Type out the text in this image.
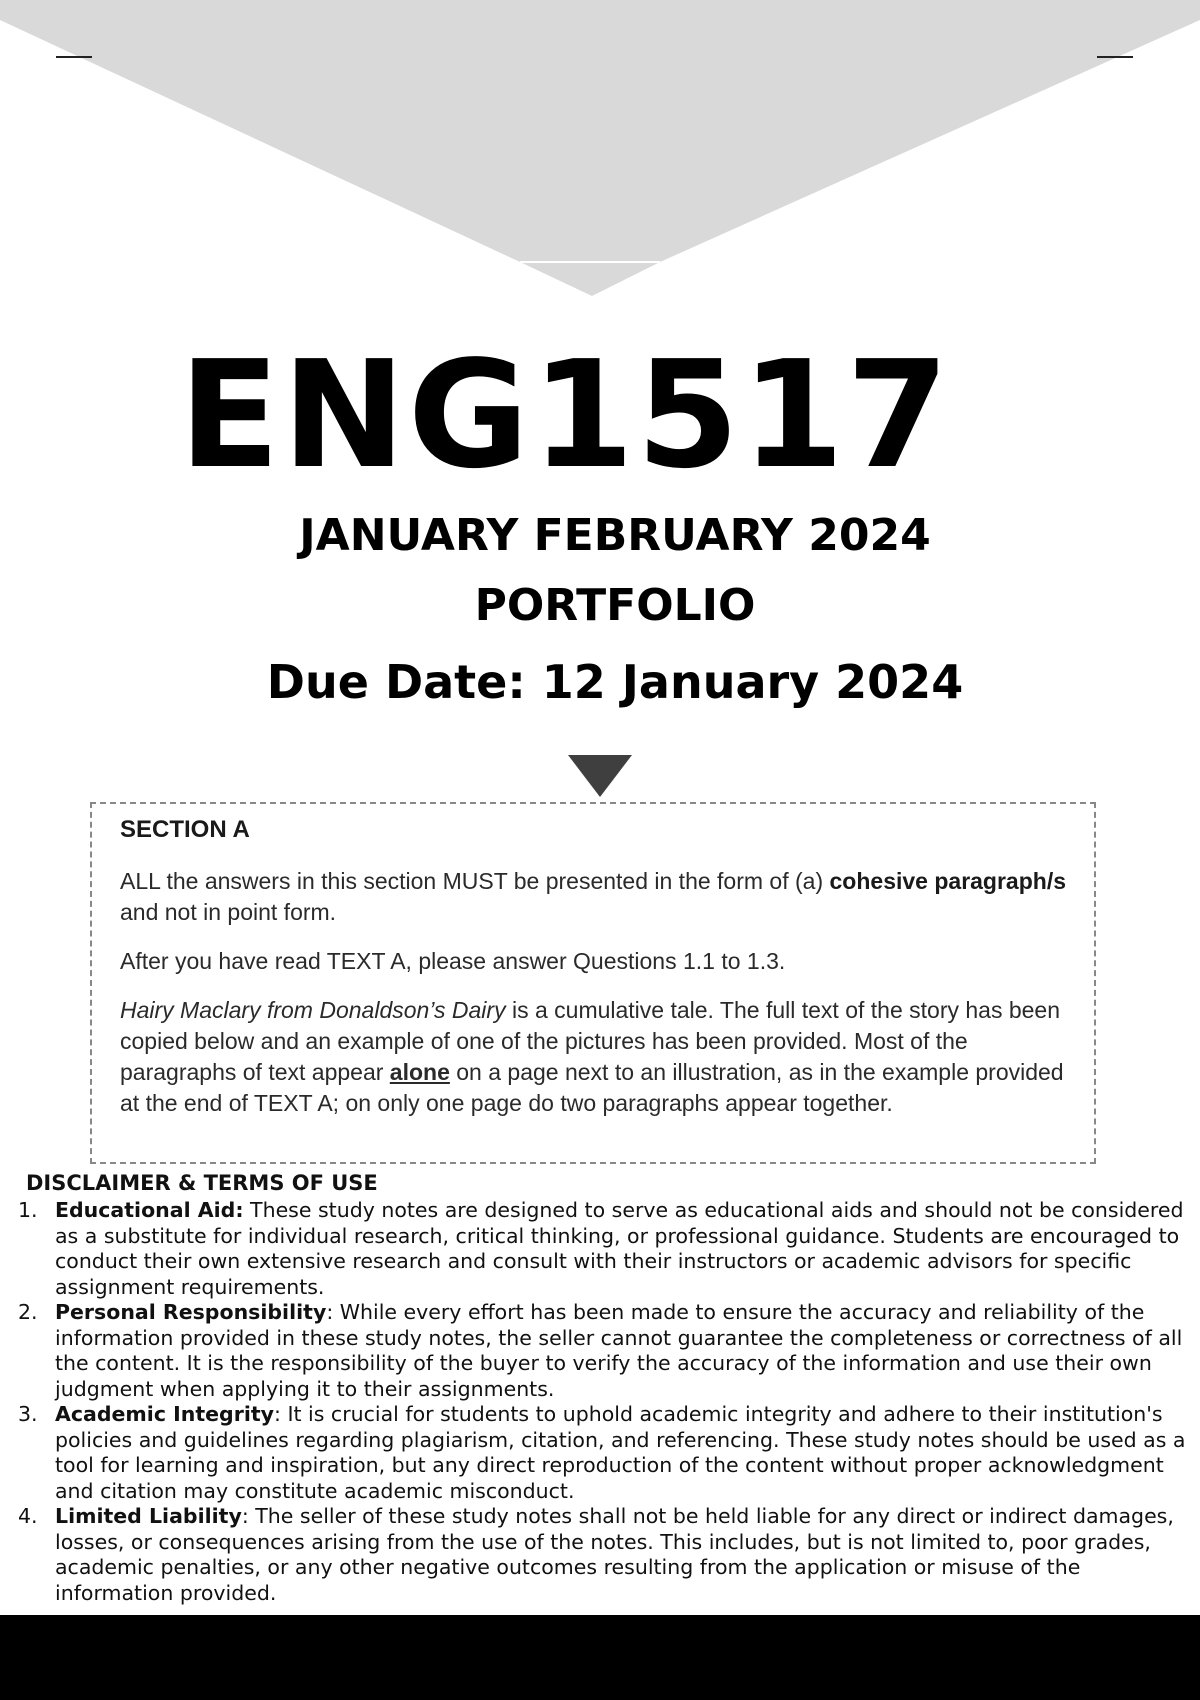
ENG1517
JANUARY FEBRUARY 2024
PORTFOLIO
Due Date: 12 January 2024
SECTION A

ALL the answers in this section MUST be presented in the form of (a) cohesive paragraph/s and not in point form.

After you have read TEXT A, please answer Questions 1.1 to 1.3.

Hairy Maclary from Donaldson’s Dairy is a cumulative tale. The full text of the story has been copied below and an example of one of the pictures has been provided. Most of the paragraphs of text appear alone on a page next to an illustration, as in the example provided at the end of TEXT A; on only one page do two paragraphs appear together.

DISCLAIMER & TERMS OF USE
1. Educational Aid: These study notes are designed to serve as educational aids and should not be considered as a substitute for individual research, critical thinking, or professional guidance. Students are encouraged to conduct their own extensive research and consult with their instructors or academic advisors for specific assignment requirements.
2. Personal Responsibility: While every effort has been made to ensure the accuracy and reliability of the information provided in these study notes, the seller cannot guarantee the completeness or correctness of all the content. It is the responsibility of the buyer to verify the accuracy of the information and use their own judgment when applying it to their assignments.
3. Academic Integrity: It is crucial for students to uphold academic integrity and adhere to their institution's policies and guidelines regarding plagiarism, citation, and referencing. These study notes should be used as a tool for learning and inspiration, but any direct reproduction of the content without proper acknowledgment and citation may constitute academic misconduct.
4. Limited Liability: The seller of these study notes shall not be held liable for any direct or indirect damages, losses, or consequences arising from the use of the notes. This includes, but is not limited to, poor grades, academic penalties, or any other negative outcomes resulting from the application or misuse of the information provided.
